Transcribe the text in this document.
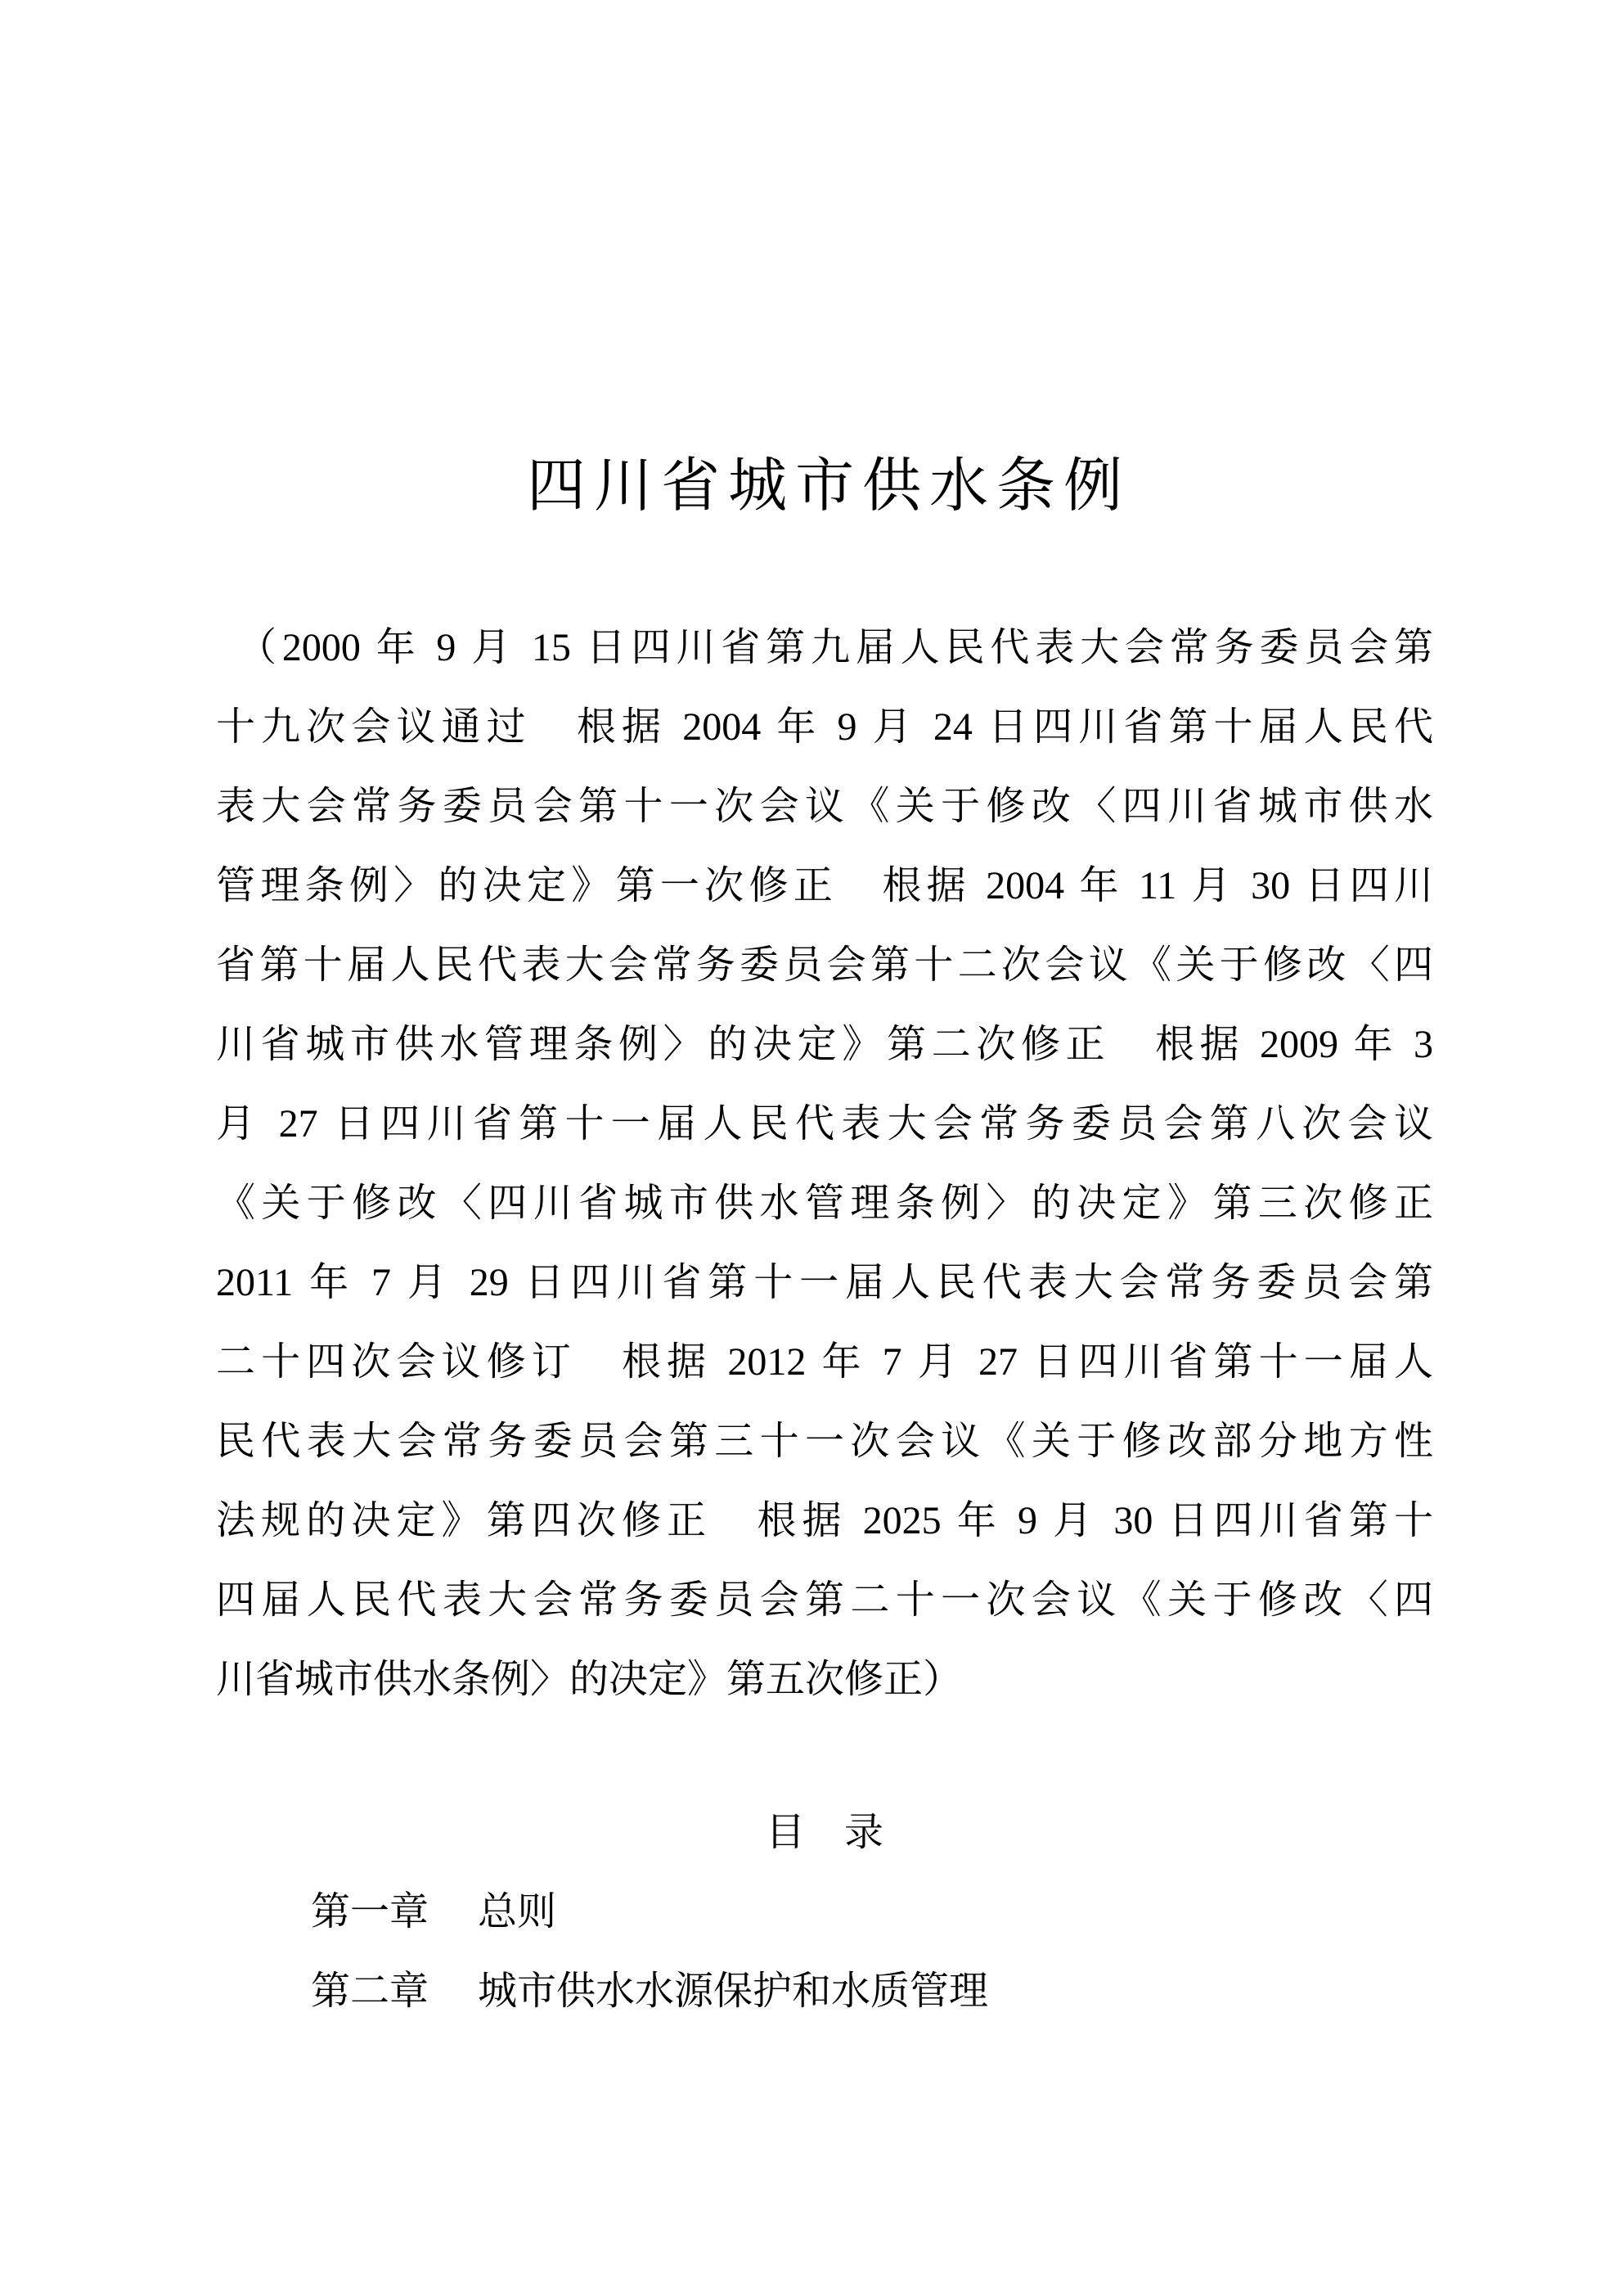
四川省城市供水条例
（2000 年 9 月 15 日四川省第九届人民代表大会常务委员会第
十九次会议通过　根据 2004 年 9 月 24 日四川省第十届人民代
表大会常务委员会第十一次会议《关于修改〈四川省城市供水
管理条例〉的决定》第一次修正　根据 2004 年 11 月 30 日四川
省第十届人民代表大会常务委员会第十二次会议《关于修改〈四
川省城市供水管理条例〉的决定》第二次修正　根据 2009 年 3
月 27 日四川省第十一届人民代表大会常务委员会第八次会议
《关于修改〈四川省城市供水管理条例〉的决定》第三次修正
2011 年 7 月 29 日四川省第十一届人民代表大会常务委员会第
二十四次会议修订　根据 2012 年 7 月 27 日四川省第十一届人
民代表大会常务委员会第三十一次会议《关于修改部分地方性
法规的决定》第四次修正　根据 2025 年 9 月 30 日四川省第十
四届人民代表大会常务委员会第二十一次会议《关于修改〈四
川省城市供水条例〉的决定》第五次修正）
目　录
第一章 总则
第二章 城市供水水源保护和水质管理
